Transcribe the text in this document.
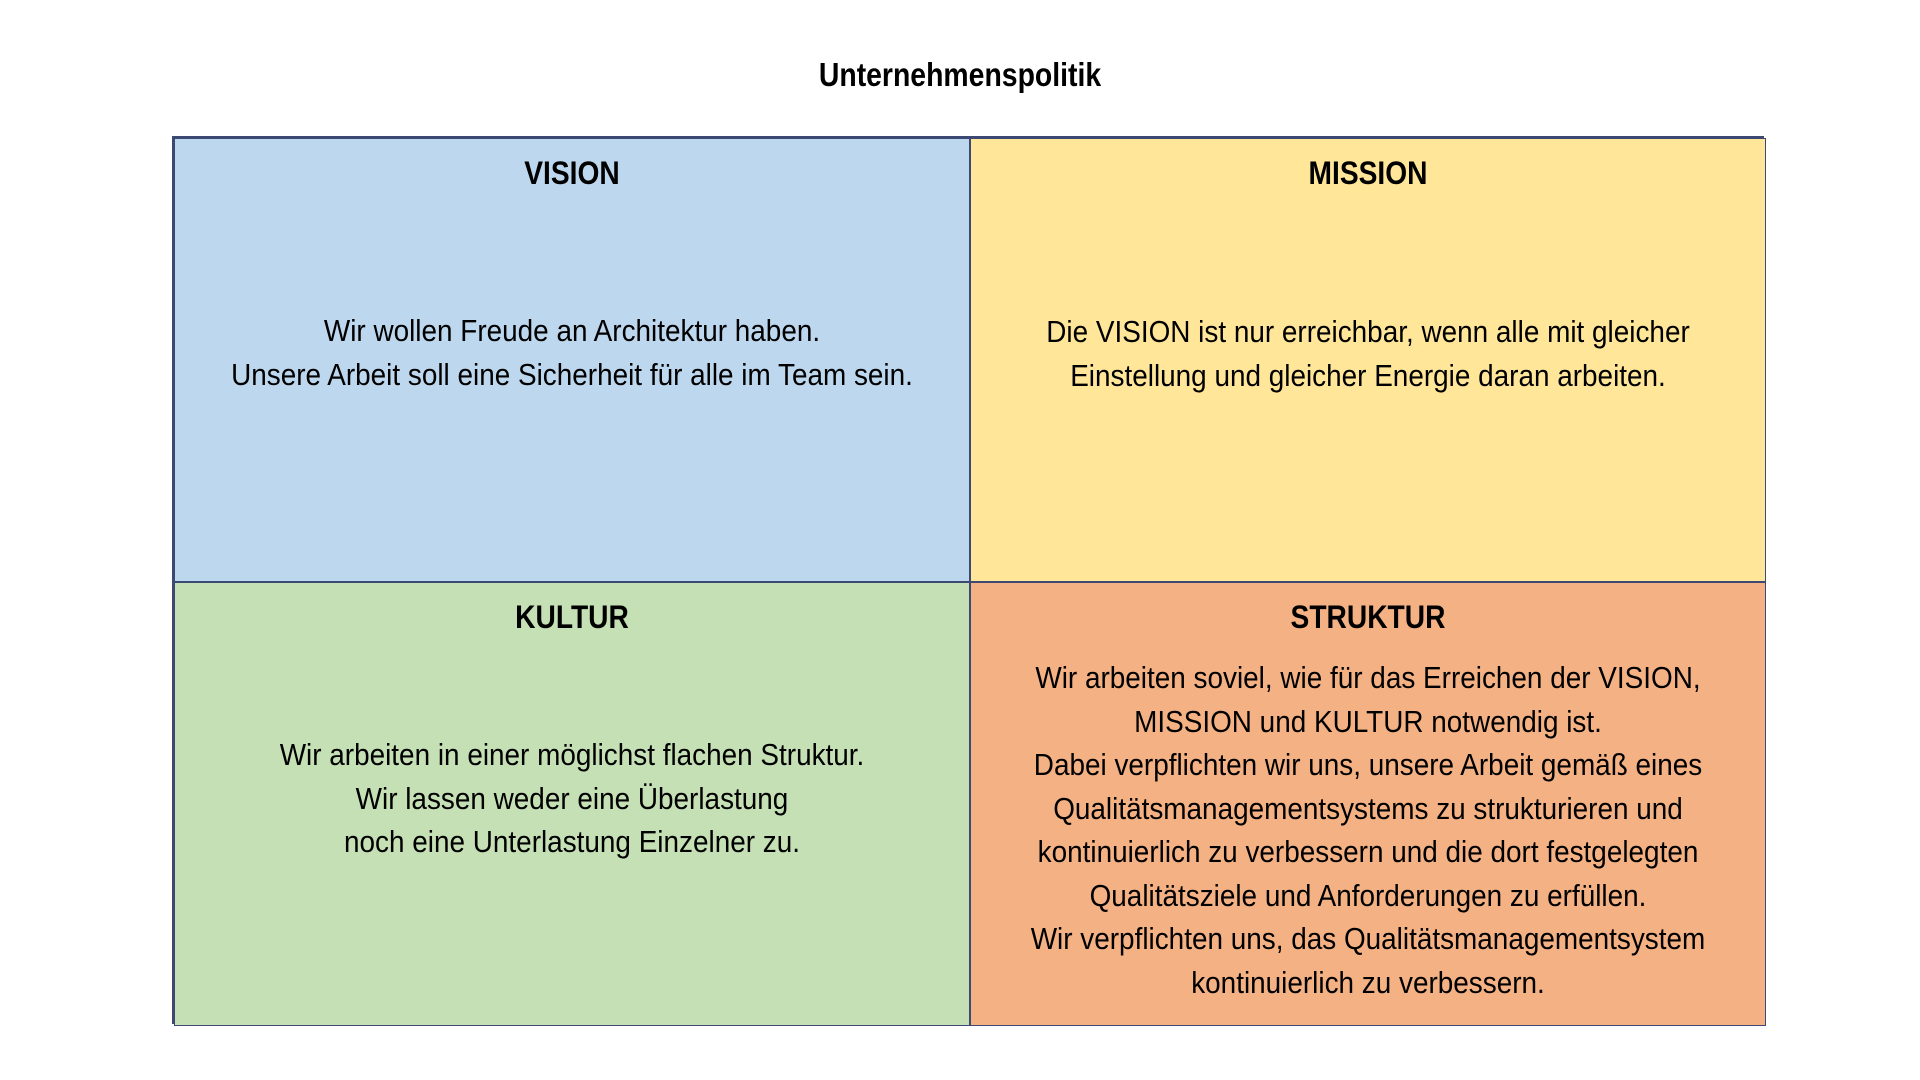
Unternehmenspolitik
VISION
Wir wollen Freude an Architektur haben.
Unsere Arbeit soll eine Sicherheit für alle im Team sein.
MISSION
Die VISION ist nur erreichbar, wenn alle mit gleicher
Einstellung und gleicher Energie daran arbeiten.
KULTUR
Wir arbeiten in einer möglichst flachen Struktur.
Wir lassen weder eine Überlastung
noch eine Unterlastung Einzelner zu.
STRUKTUR
Wir arbeiten soviel, wie für das Erreichen der VISION,
MISSION und KULTUR notwendig ist.
Dabei verpflichten wir uns, unsere Arbeit gemäß eines
Qualitätsmanagementsystems zu strukturieren und
kontinuierlich zu verbessern und die dort festgelegten
Qualitätsziele und Anforderungen zu erfüllen.
Wir verpflichten uns, das Qualitätsmanagementsystem
kontinuierlich zu verbessern.
